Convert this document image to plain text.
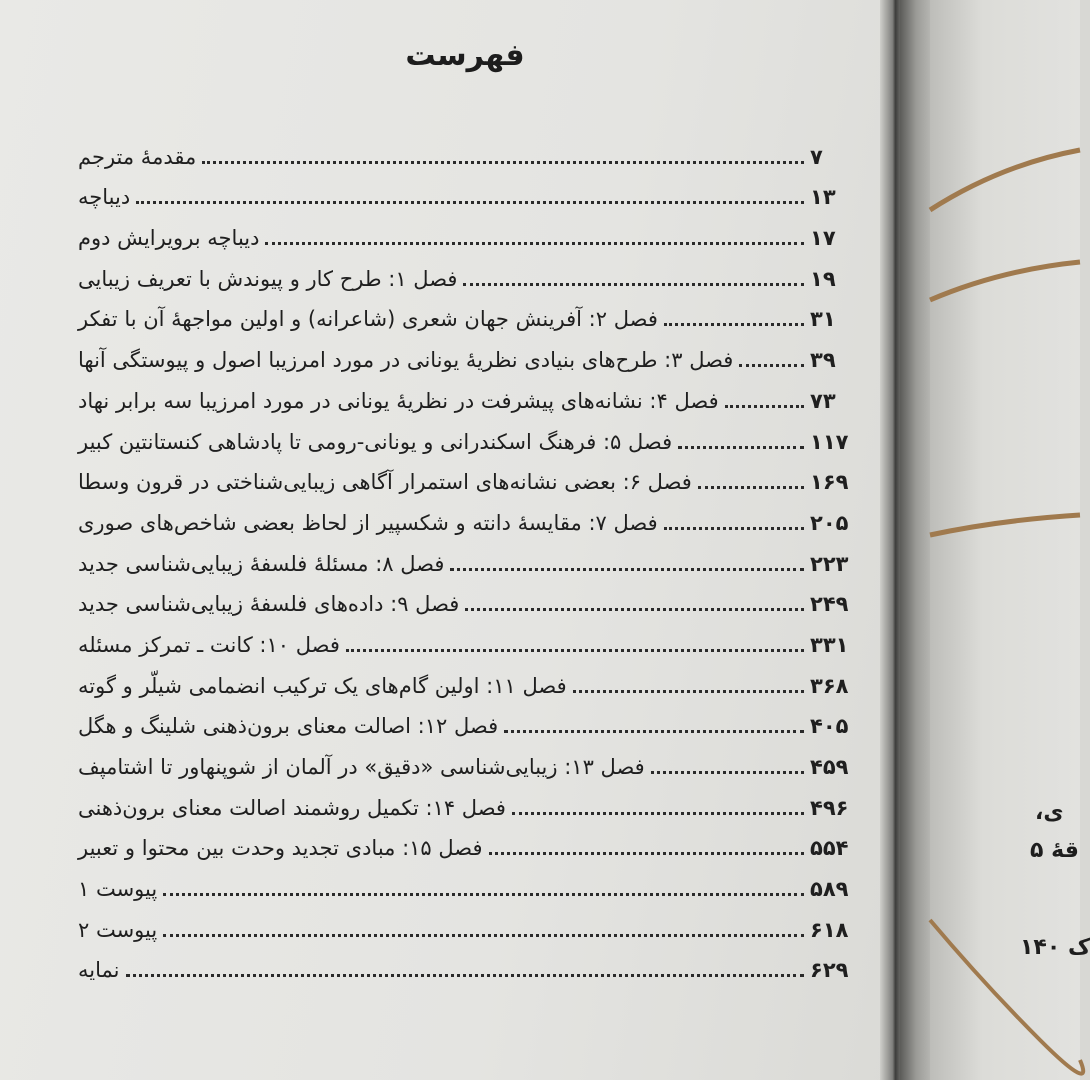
فهرست
مقدمهٔ مترجم	۷
دیباچه	۱۳
دیباچه برویرایش دوم	۱۷
فصل ۱: طرح کار و پیوندش با تعریف زیبایی	۱۹
فصل ۲: آفرینش جهان شعری (شاعرانه) و اولین مواجههٔ آن با تفکر	۳۱
فصل ۳: طرح‌های بنیادی نظریهٔ یونانی در مورد امرزیبا اصول و پیوستگی آنها	۳۹
فصل ۴: نشانه‌های پیشرفت در نظریهٔ یونانی در مورد امرزیبا سه برابر نهاد	۷۳
فصل ۵: فرهنگ اسکندرانی و یونانی-رومی تا پادشاهی کنستانتین کبیر	۱۱۷
فصل ۶: بعضی نشانه‌های استمرار آگاهی زیبایی‌شناختی در قرون وسطا	۱۶۹
فصل ۷: مقایسهٔ دانته و شکسپیر از لحاظ بعضی شاخص‌های صوری	۲۰۵
فصل ۸: مسئلهٔ فلسفهٔ زیبایی‌شناسی جدید	۲۲۳
فصل ۹: داده‌های فلسفهٔ زیبایی‌شناسی جدید	۲۴۹
فصل ۱۰: کانت ـ تمرکز مسئله	۳۳۱
فصل ۱۱: اولین گام‌های یک ترکیب انضمامی شیلّر و گوته	۳۶۸
فصل ۱۲: اصالت معنای برون‌ذهنی شلینگ و هگل	۴۰۵
فصل ۱۳: زیبایی‌شناسی «دقیق» در آلمان از شوپنهاور تا اشتامپف	۴۵۹
فصل ۱۴: تکمیل روشمند اصالت معنای برون‌ذهنی	۴۹۶
فصل ۱۵: مبادی تجدید وحدت بین محتوا و تعبیر	۵۵۴
پیوست ۱	۵۸۹
پیوست ۲	۶۱۸
نمایه	۶۲۹
ی،
قهٔ ۵
ک ۱۴۰
